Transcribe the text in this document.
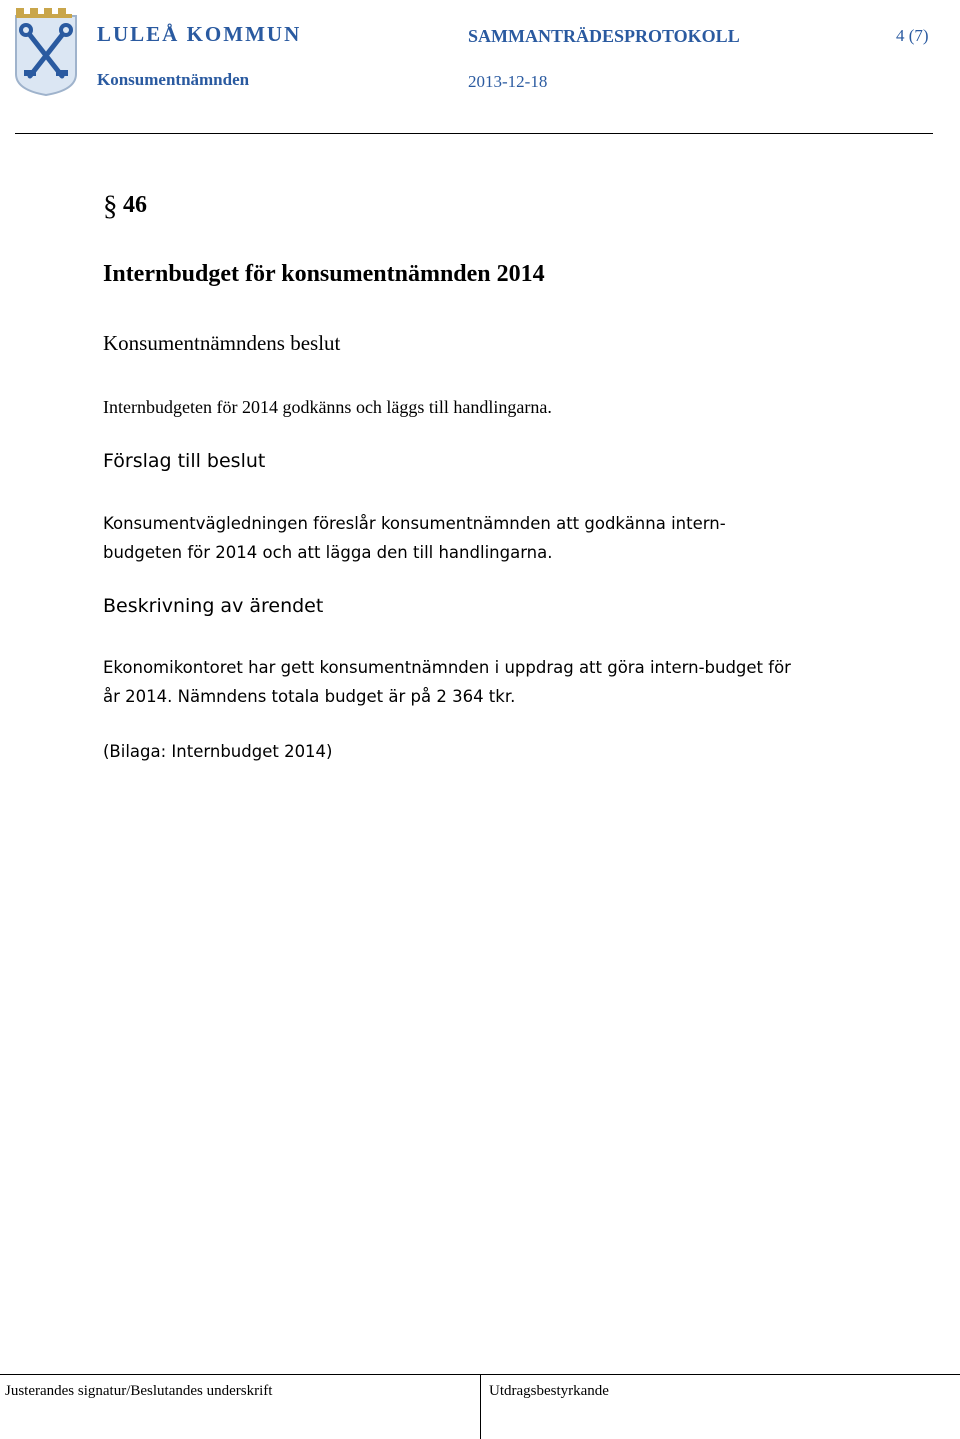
LULEÅ KOMMUN
Konsumentnämnden
SAMMANTRÄDESPROTOKOLL
2013-12-18
4 (7)
§ 46
Internbudget för konsumentnämnden 2014
Konsumentnämndens beslut
Internbudgeten för 2014 godkänns och läggs till handlingarna.
Förslag till beslut
Konsumentvägledningen föreslår konsumentnämnden att godkänna intern-budgeten för 2014 och att lägga den till handlingarna.
Beskrivning av ärendet
Ekonomikontoret har gett konsumentnämnden i uppdrag att göra intern-budget för år 2014. Nämndens totala budget är på 2 364 tkr.
(Bilaga: Internbudget 2014)
Justerandes signatur/Beslutandes underskrift	Utdragsbestyrkande
